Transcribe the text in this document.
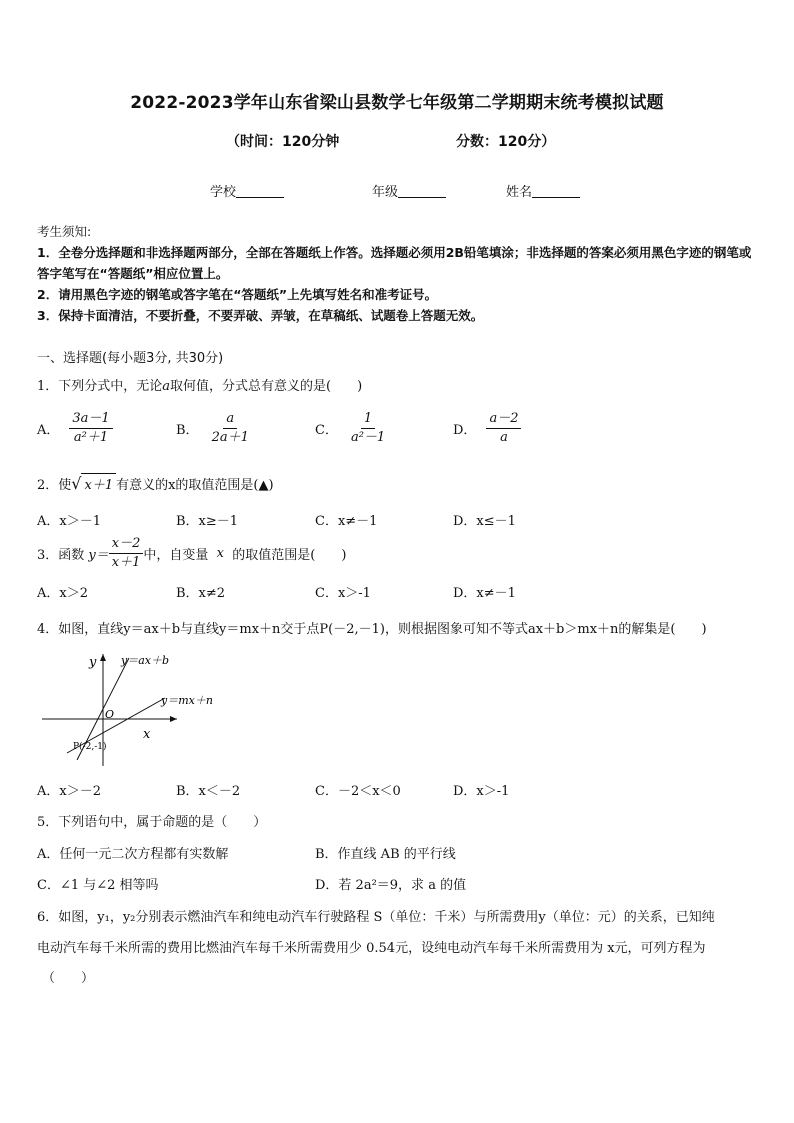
2022-2023学年山东省梁山县数学七年级第二学期期末统考模拟试题
（时间：120分钟	分数：120分）
学校	年级	姓名
考生须知:
1．全卷分选择题和非选择题两部分，全部在答题纸上作答。选择题必须用2B铅笔填涂；非选择题的答案必须用黑色字迹的钢笔或答字笔写在“答题纸”相应位置上。
2．请用黑色字迹的钢笔或答字笔在“答题纸”上先填写姓名和准考证号。
3．保持卡面清洁，不要折叠，不要弄破、弄皱，在草稿纸、试题卷上答题无效。
一、选择题(每小题3分, 共30分)
1．下列分式中，无论a取何值，分式总有意义的是(　　)
A． $\frac{3a-1}{\text{a²＋1}}$	B． $\frac{a}{2a+1}$	C． $\frac{1}{\text{a²－1}}$	D． $\frac{a-2}{a}$
2．使√ x＋1 有意义的x的取值范围是(▲)
A．x＞－1	B．x≥－1	C．x≠－1	D．x≤－1
3．函数
$y= \frac{x-2}{x+1}$ 中，自变量
x
的取值范围是(　　)
A．x＞2	B．x≠2	C．x＞-1	D．x≠－1
4．如图，直线y＝ax＋b与直线y＝mx＋n交于点P(－2,－1)，则根据图象可知不等式ax＋b＞mx＋n的解集是(　　)
y
x
O
y＝ax＋b
y＝mx＋n
P(-2,-1)
A．x＞－2	B．x＜－2	C．－2＜x＜0	D．x＞-1
5．下列语句中，属于命题的是（　　）
A．任何一元二次方程都有实数解	B．作直线 AB 的平行线
C．∠1 与∠2 相等吗	D．若 2a²＝9，求 a 的值
6．如图，y₁，y₂分别表示燃油汽车和纯电动汽车行驶路程 S（单位：千米）与所需费用y（单位：元）的关系，已知纯
电动汽车每千米所需的费用比燃油汽车每千米所需费用少 0.54元，设纯电动汽车每千米所需费用为 x元，可列方程为
（　　）
